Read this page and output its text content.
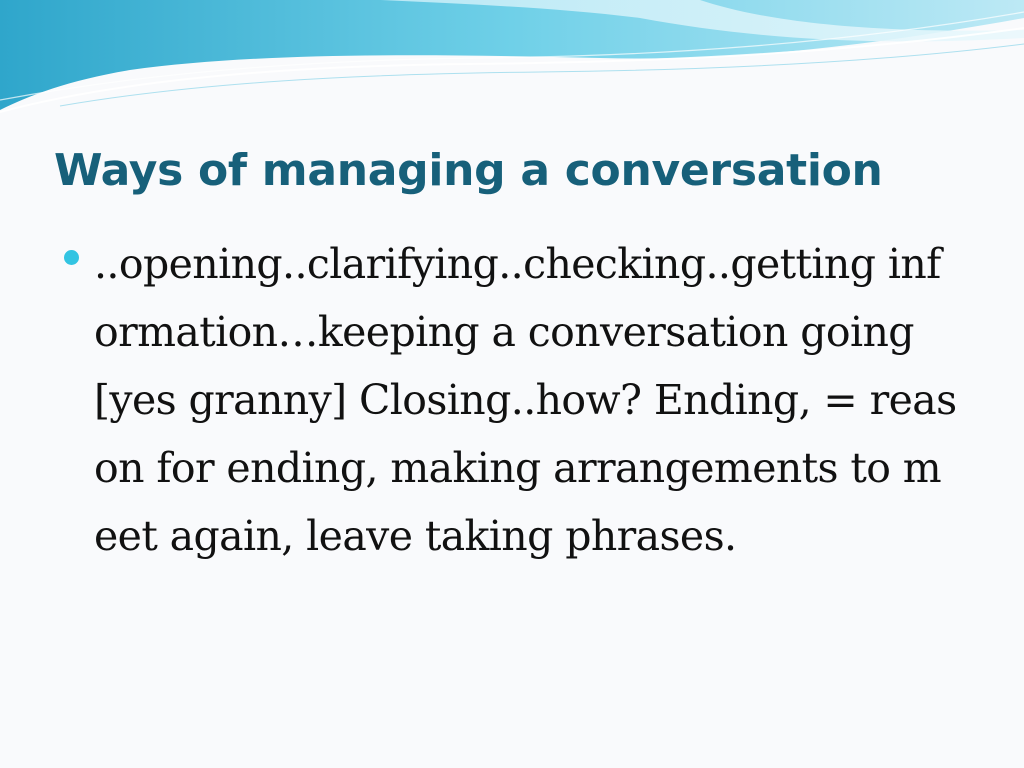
Ways of managing a conversation

..opening..clarifying..checking..getting information…keeping a conversation going [yes granny] Closing..how? Ending, = reason for ending, making arrangements to meet again, leave taking phrases.
